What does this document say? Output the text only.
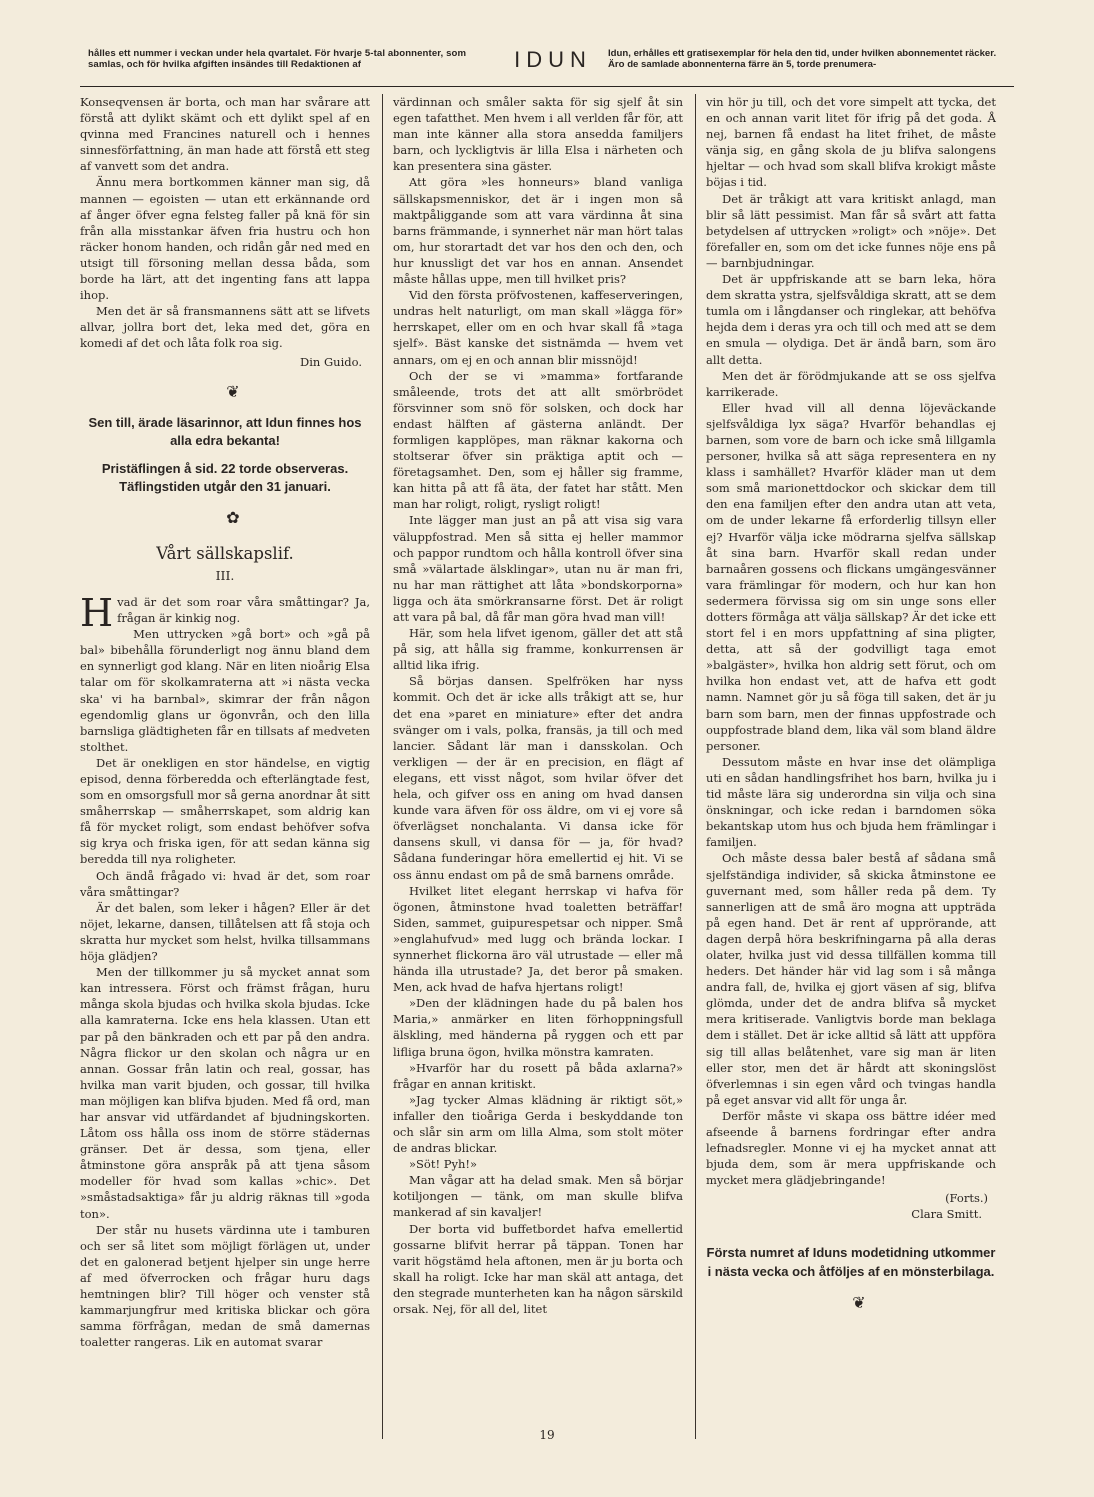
hålles ett nummer i veckan under hela qvartalet. För hvarje 5-tal abonnenter, som samlas, och för hvilka afgiften insändes till Redaktionen af	IDUN	Idun, erhålles ett gratisexemplar för hela den tid, under hvilken abonnementet räcker. Äro de samlade abonnenterna färre än 5, torde prenumera-

Konseqvensen är borta, och man har svårare att förstå att dylikt skämt och ett dylikt spel af en qvinna med Francines naturell och i hennes sinnesförfattning, än man hade att förstå ett steg af vanvett som det andra.

Ännu mera bortkommen känner man sig, då mannen — egoisten — utan ett erkännande ord af ånger öfver egna felsteg faller på knä för sin från alla misstankar äfven fria hustru och hon räcker honom handen, och ridån går ned med en utsigt till försoning mellan dessa båda, som borde ha lärt, att det ingenting fans att lappa ihop.

Men det är så fransmannens sätt att se lifvets allvar, jollra bort det, leka med det, göra en komedi af det och låta folk roa sig.

Din Guido.

❦

Sen till, ärade läsarinnor, att Idun finnes hos alla edra bekanta!

Pristäflingen å sid. 22 torde observeras. Täflingstiden utgår den 31 januari.

✿

Vårt sällskapslif.

III.

Hvad är det som roar våra småttingar? Ja, frågan är kinkig nog.

Men uttrycken »gå bort» och »gå på bal» bibehålla förunderligt nog ännu bland dem en synnerligt god klang. När en liten nioårig Elsa talar om för skolkamraterna att »i nästa vecka ska' vi ha barnbal», skimrar der från någon egendomlig glans ur ögonvrån, och den lilla barnsliga glädtigheten får en tillsats af medveten stolthet.

Det är onekligen en stor händelse, en vigtig episod, denna förberedda och efterlängtade fest, som en omsorgsfull mor så gerna anordnar åt sitt småherrskap — småherrskapet, som aldrig kan få för mycket roligt, som endast behöfver sofva sig krya och friska igen, för att sedan känna sig beredda till nya roligheter.

Och ändå frågado vi: hvad är det, som roar våra småttingar?

Är det balen, som leker i hågen? Eller är det nöjet, lekarne, dansen, tillåtelsen att få stoja och skratta hur mycket som helst, hvilka tillsammans höja glädjen?

Men der tillkommer ju så mycket annat som kan intressera. Först och främst frågan, huru många skola bjudas och hvilka skola bjudas. Icke alla kamraterna. Icke ens hela klassen. Utan ett par på den bänkraden och ett par på den andra. Några flickor ur den skolan och några ur en annan. Gossar från latin och real, gossar, has hvilka man varit bjuden, och gossar, till hvilka man möjligen kan blifva bjuden. Med få ord, man har ansvar vid utfärdandet af bjudningskorten. Låtom oss hålla oss inom de större städernas gränser. Det är dessa, som tjena, eller åtminstone göra anspråk på att tjena såsom modeller för hvad som kallas »chic». Det »småstadsaktiga» får ju aldrig räknas till »goda ton».

Der står nu husets värdinna ute i tamburen och ser så litet som möjligt förlägen ut, under det en galonerad betjent hjelper sin unge herre af med öfverrocken och frågar huru dags hemtningen blir? Till höger och venster stå kammarjungfrur med kritiska blickar och göra samma förfrågan, medan de små damernas toaletter rangeras. Lik en automat svarar

värdinnan och småler sakta för sig sjelf åt sin egen tafatthet. Men hvem i all verlden får för, att man inte känner alla stora ansedda familjers barn, och lyckligtvis är lilla Elsa i närheten och kan presentera sina gäster.

Att göra »les honneurs» bland vanliga sällskapsmenniskor, det är i ingen mon så maktpåliggande som att vara värdinna åt sina barns främmande, i synnerhet när man hört talas om, hur storartadt det var hos den och den, och hur knussligt det var hos en annan. Ansendet måste hållas uppe, men till hvilket pris?

Vid den första pröfvostenen, kaffeserveringen, undras helt naturligt, om man skall »lägga för» herrskapet, eller om en och hvar skall få »taga sjelf». Bäst kanske det sistnämda — hvem vet annars, om ej en och annan blir missnöjd!

Och der se vi »mamma» fortfarande småleende, trots det att allt smörbrödet försvinner som snö för solsken, och dock har endast hälften af gästerna anländt. Der formligen kapplöpes, man räknar kakorna och stoltserar öfver sin präktiga aptit och — företagsamhet. Den, som ej håller sig framme, kan hitta på att få äta, der fatet har stått. Men man har roligt, roligt, rysligt roligt!

Inte lägger man just an på att visa sig vara väluppfostrad. Men så sitta ej heller mammor och pappor rundtom och hålla kontroll öfver sina små »välartade älsklingar», utan nu är man fri, nu har man rättighet att låta »bondskorporna» ligga och äta smörkransarne först. Det är roligt att vara på bal, då får man göra hvad man vill!

Här, som hela lifvet igenom, gäller det att stå på sig, att hålla sig framme, konkurrensen är alltid lika ifrig.

Så börjas dansen. Spelfröken har nyss kommit. Och det är icke alls tråkigt att se, hur det ena »paret en miniature» efter det andra svänger om i vals, polka, fransäs, ja till och med lancier. Sådant lär man i dansskolan. Och verkligen — der är en precision, en flägt af elegans, ett visst något, som hvilar öfver det hela, och gifver oss en aning om hvad dansen kunde vara äfven för oss äldre, om vi ej vore så öfverlägset nonchalanta. Vi dansa icke för dansens skull, vi dansa för — ja, för hvad? Sådana funderingar höra emellertid ej hit. Vi se oss ännu endast om på de små barnens område.

Hvilket litet elegant herrskap vi hafva för ögonen, åtminstone hvad toaletten beträffar! Siden, sammet, guipurespetsar och nipper. Små »englahufvud» med lugg och brända lockar. I synnerhet flickorna äro väl utrustade — eller må hända illa utrustade? Ja, det beror på smaken. Men, ack hvad de hafva hjertans roligt!

»Den der klädningen hade du på balen hos Maria,» anmärker en liten förhoppningsfull älskling, med händerna på ryggen och ett par lifliga bruna ögon, hvilka mönstra kamraten.

»Hvarför har du rosett på båda axlarna?» frågar en annan kritiskt.

»Jag tycker Almas klädning är riktigt söt,» infaller den tioåriga Gerda i beskyddande ton och slår sin arm om lilla Alma, som stolt möter de andras blickar.

»Söt! Pyh!»

Man vågar att ha delad smak. Men så börjar kotiljongen — tänk, om man skulle blifva mankerad af sin kavaljer!

Der borta vid buffetbordet hafva emellertid gossarne blifvit herrar på täppan. Tonen har varit högstämd hela aftonen, men är ju borta och skall ha roligt. Icke har man skäl att antaga, det den stegrade munterheten kan ha någon särskild orsak. Nej, för all del, litet

vin hör ju till, och det vore simpelt att tycka, det en och annan varit litet för ifrig på det goda. Å nej, barnen få endast ha litet frihet, de måste vänja sig, en gång skola de ju blifva salongens hjeltar — och hvad som skall blifva krokigt måste böjas i tid.

Det är tråkigt att vara kritiskt anlagd, man blir så lätt pessimist. Man får så svårt att fatta betydelsen af uttrycken »roligt» och »nöje». Det förefaller en, som om det icke funnes nöje ens på — barnbjudningar.

Det är uppfriskande att se barn leka, höra dem skratta ystra, sjelfsvåldiga skratt, att se dem tumla om i långdanser och ringlekar, att behöfva hejda dem i deras yra och till och med att se dem en smula — olydiga. Det är ändå barn, som äro allt detta.

Men det är förödmjukande att se oss sjelfva karrikerade.

Eller hvad vill all denna löjeväckande sjelfsvåldiga lyx säga? Hvarför behandlas ej barnen, som vore de barn och icke små lillgamla personer, hvilka så att säga representera en ny klass i samhället? Hvarför kläder man ut dem som små marionettdockor och skickar dem till den ena familjen efter den andra utan att veta, om de under lekarne få erforderlig tillsyn eller ej? Hvarför välja icke mödrarna sjelfva sällskap åt sina barn. Hvarför skall redan under barnaåren gossens och flickans umgängesvänner vara främlingar för modern, och hur kan hon sedermera förvissa sig om sin unge sons eller dotters förmåga att välja sällskap? Är det icke ett stort fel i en mors uppfattning af sina pligter, detta, att så der godvilligt taga emot »balgäster», hvilka hon aldrig sett förut, och om hvilka hon endast vet, att de hafva ett godt namn. Namnet gör ju så föga till saken, det är ju barn som barn, men der finnas uppfostrade och ouppfostrade bland dem, lika väl som bland äldre personer.

Dessutom måste en hvar inse det olämpliga uti en sådan handlingsfrihet hos barn, hvilka ju i tid måste lära sig underordna sin vilja och sina önskningar, och icke redan i barndomen söka bekantskap utom hus och bjuda hem främlingar i familjen.

Och måste dessa baler bestå af sådana små sjelfständiga individer, så skicka åtminstone ee guvernant med, som håller reda på dem. Ty sannerligen att de små äro mogna att uppträda på egen hand. Det är rent af upprörande, att dagen derpå höra beskrifningarna på alla deras olater, hvilka just vid dessa tillfällen komma till heders. Det händer här vid lag som i så många andra fall, de, hvilka ej gjort väsen af sig, blifva glömda, under det de andra blifva så mycket mera kritiserade. Vanligtvis borde man beklaga dem i stället. Det är icke alltid så lätt att uppföra sig till allas belåtenhet, vare sig man är liten eller stor, men det är hårdt att skoningslöst öfverlemnas i sin egen vård och tvingas handla på eget ansvar vid allt för unga år.

Derför måste vi skapa oss bättre idéer med afseende å barnens fordringar efter andra lefnadsregler. Monne vi ej ha mycket annat att bjuda dem, som är mera uppfriskande och mycket mera glädjebringande!

(Forts.)

Clara Smitt.

Första numret af Iduns modetidning utkommer i nästa vecka och åtföljes af en mönsterbilaga.

❦

19
